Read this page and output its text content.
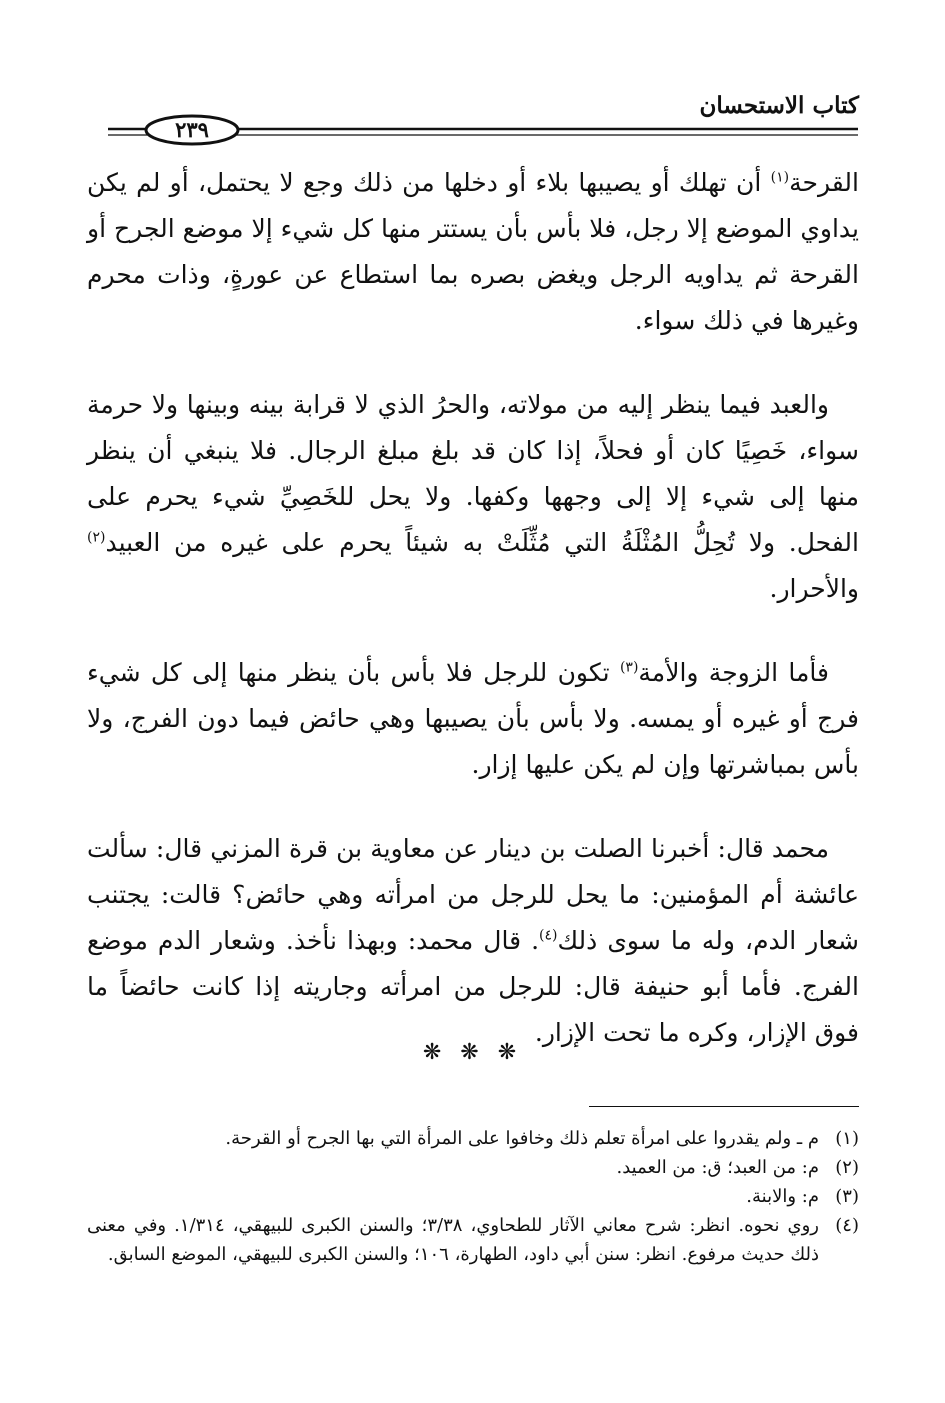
كتاب الاستحسان
٢٣٩

القرحة$^{(١)}$ أن تهلك أو يصيبها بلاء أو دخلها من ذلك وجع لا يحتمل، أو لم يكن يداوي الموضع إلا رجل، فلا بأس بأن يستتر منها كل شيء إلا موضع الجرح أو القرحة ثم يداويه الرجل ويغض بصره بما استطاع عن عورةٍ، وذات محرم وغيرها في ذلك سواء.

والعبد فيما ينظر إليه من مولاته، والحرُ الذي لا قرابة بينه وبينها ولا حرمة سواء، خَصِيًا كان أو فحلاً، إذا كان قد بلغ مبلغ الرجال. فلا ينبغي أن ينظر منها إلى شيء إلا إلى وجهها وكفها. ولا يحل للخَصِيِّ شيء يحرم على الفحل. ولا تُحِلُّ المُثْلَةُ التي مُثِّلَتْ به شيئاً يحرم على غيره من العبيد$^{(٢)}$ والأحرار.

فأما الزوجة والأمة$^{(٣)}$ تكون للرجل فلا بأس بأن ينظر منها إلى كل شيء فرج أو غيره أو يمسه. ولا بأس بأن يصيبها وهي حائض فيما دون الفرج، ولا بأس بمباشرتها وإن لم يكن عليها إزار.

محمد قال: أخبرنا الصلت بن دينار عن معاوية بن قرة المزني قال: سألت عائشة أم المؤمنين: ما يحل للرجل من امرأته وهي حائض؟ قالت: يجتنب شعار الدم، وله ما سوى ذلك$^{(٤)}$. قال محمد: وبهذا نأخذ. وشعار الدم موضع الفرج. فأما أبو حنيفة قال: للرجل من امرأته وجاريته إذا كانت حائضاً ما فوق الإزار، وكره ما تحت الإزار.

❋ ❋ ❋
(١)
م ـ ولم يقدروا على امرأة تعلم ذلك وخافوا على المرأة التي بها الجرح أو القرحة.
(٢)
م: من العبد؛ ق: من العميد.
(٣)
م: والابنة.
(٤)
روي نحوه. انظر: شرح معاني الآثار للطحاوي، ٣/٣٨؛ والسنن الكبرى للبيهقي، ١/٣١٤. وفي معنى ذلك حديث مرفوع. انظر: سنن أبي داود، الطهارة، ١٠٦؛ والسنن الكبرى للبيهقي، الموضع السابق.
